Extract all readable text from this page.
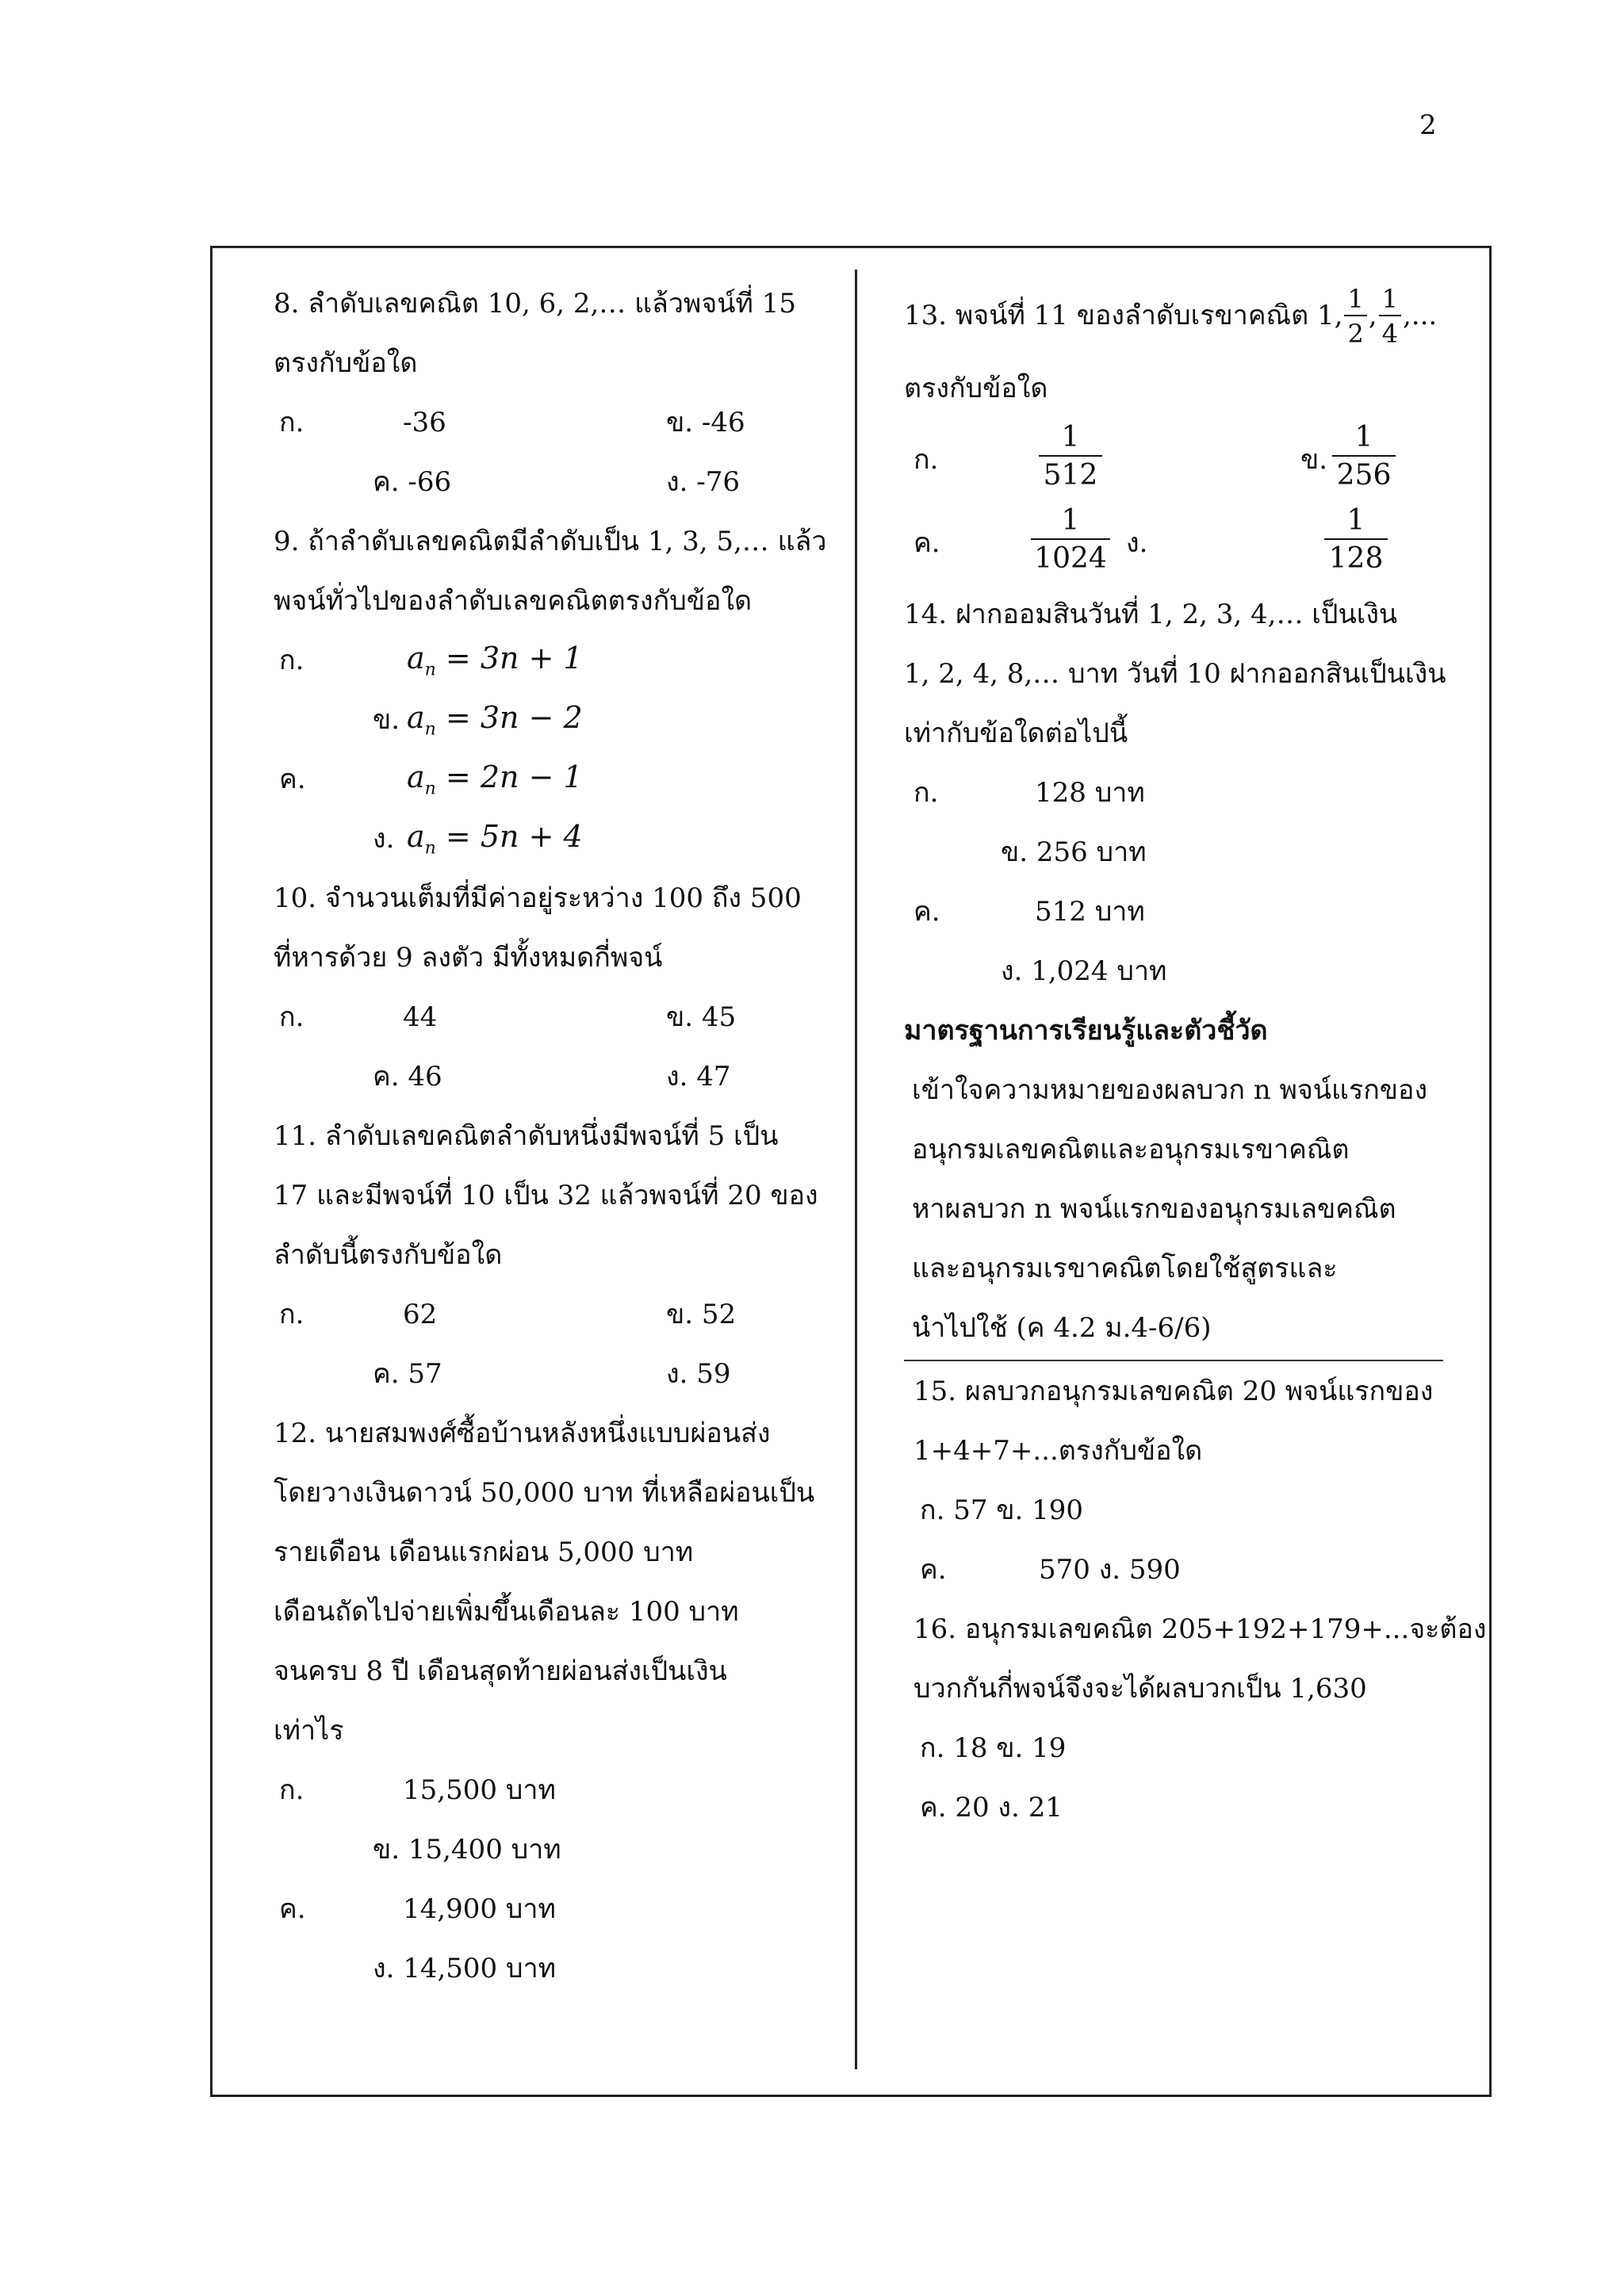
2
8. ลำดับเลขคณิต 10, 6, 2,… แล้วพจน์ที่ 15
ตรงกับข้อใด
ก.	-36	ข. -46
ค. -66	ง. -76
9. ถ้าลำดับเลขคณิตมีลำดับเป็น 1, 3, 5,… แล้ว
พจน์ทั่วไปของลำดับเลขคณิตตรงกับข้อใด
ก.	$a_n = 3n + 1$
ข. $a_n = 3n - 2$
ค.	$a_n = 2n - 1$
ง. $a_n = 5n + 4$
10. จำนวนเต็มที่มีค่าอยู่ระหว่าง 100 ถึง 500
ที่หารด้วย 9 ลงตัว มีทั้งหมดกี่พจน์
ก.	44	ข. 45
ค. 46	ง. 47
11. ลำดับเลขคณิตลำดับหนึ่งมีพจน์ที่ 5 เป็น
17 และมีพจน์ที่ 10 เป็น 32 แล้วพจน์ที่ 20 ของ
ลำดับนี้ตรงกับข้อใด
ก.	62	ข. 52
ค. 57	ง. 59
12. นายสมพงศ์ซื้อบ้านหลังหนึ่งแบบผ่อนส่ง
โดยวางเงินดาวน์ 50,000 บาท ที่เหลือผ่อนเป็น
รายเดือน เดือนแรกผ่อน 5,000 บาท
เดือนถัดไปจ่ายเพิ่มขึ้นเดือนละ 100 บาท
จนครบ 8 ปี เดือนสุดท้ายผ่อนส่งเป็นเงิน
เท่าไร
ก.	15,500 บาท
ข. 15,400 บาท
ค.	14,900 บาท
ง. 14,500 บาท
13. พจน์ที่ 11 ของลำดับเรขาคณิต 1, $\frac{1}{2}$ , $\frac{1}{4}$ ,...
ตรงกับข้อใด
ก.	$\frac{1}{512}$	ข. $\frac{1}{256}$
ค.	$\frac{1}{1024}$ ง.	$\frac{1}{128}$
14. ฝากออมสินวันที่ 1, 2, 3, 4,… เป็นเงิน
1, 2, 4, 8,… บาท วันที่ 10 ฝากออกสินเป็นเงิน
เท่ากับข้อใดต่อไปนี้
ก.	128 บาท
ข. 256 บาท
ค.	512 บาท
ง. 1,024 บาท
มาตรฐานการเรียนรู้และตัวชี้วัด
เข้าใจความหมายของผลบวก n พจน์แรกของ
อนุกรมเลขคณิตและอนุกรมเรขาคณิต
หาผลบวก n พจน์แรกของอนุกรมเลขคณิต
และอนุกรมเรขาคณิตโดยใช้สูตรและ
นำไปใช้ (ค 4.2 ม.4-6/6)
15. ผลบวกอนุกรมเลขคณิต 20 พจน์แรกของ
1+4+7+...ตรงกับข้อใด
ก. 57 ข. 190
ค.	570 ง. 590
16. อนุกรมเลขคณิต 205+192+179+...จะต้อง
บวกกันกี่พจน์จึงจะได้ผลบวกเป็น 1,630
ก. 18 ข. 19
ค. 20 ง. 21
